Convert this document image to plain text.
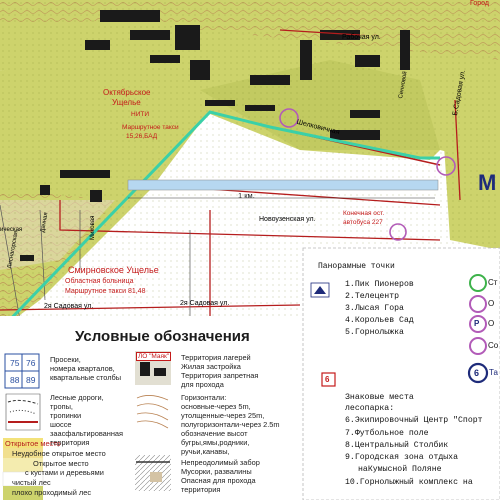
Октябрьское
Ущелье
НИТИ
Маршрутное такси
15,26,БАД
Смирновское Ущелье
Областная больница
Маршрутное такси 81,48
Конечная ост.
автобуса 227
Город
Шелковичная
Рабочая ул.
Новоузенская ул.
2я Садовая ул.	2я Садовая ул.
Б.Садовая ул.
Лиснагорская
Дачная	Миховая
ическая
Сенновой
М
1 км.
Условные обозначения
75 76
88 89
Просеки,
номера кварталов,
квартальные столбы
Лесные дороги,
тропы,
тропинки
шоссе
заасфальтированная
территория
ЛО "Маяк" Территория лагерей
Жилая застройка
Территория запретная
для прохода
Горизонтали:
основные-через 5m,
утолщенные-через 25m,
полугоризонтали-через 2.5m
обозначение высот
бугры,ямы,родники,
ручьи,канавы,
Непреодолимый забор
Мусорки, развалины
Опасная для прохода
территория
Открытое место
Неудобное открытое место
Открытое место
с кустами и деревьями
чистый лес
плохо проходимый лес
Панорамные точки
1.Пик Пионеров
2.Телецентр
3.Лысая Гора
4.Корольев Сад
5.Горнолыжка
6
Знаковые места
лесопарка:
6.Экипировочный Центр "Спорт
7.Футбольное поле
8.Центральный Столбик
9.Городская зона отдыха
наКумысной Поляне
10.Горнолыжный комплекс на
Ст
О
P О
Со
6 Та
